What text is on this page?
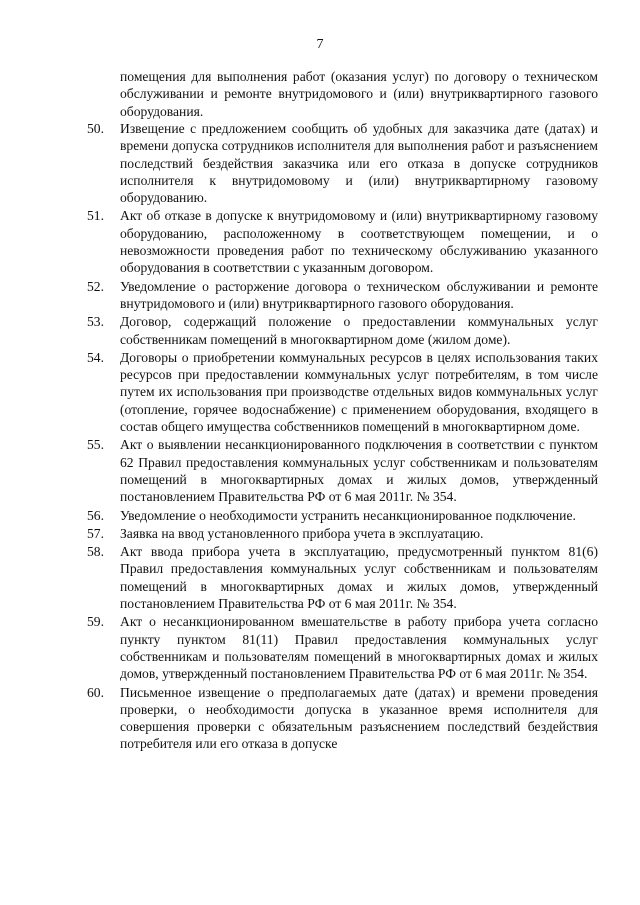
7
помещения для выполнения работ (оказания услуг) по договору о техническом обслуживании и ремонте внутридомового и (или) внутриквартирного газового оборудования.
50.	Извещение с предложением сообщить об удобных для заказчика дате (датах) и времени допуска сотрудников исполнителя для выполнения работ и разъяснением последствий бездействия заказчика или его отказа в допуске сотрудников исполнителя к внутридомовому и (или) внутриквартирному газовому оборудованию.
51.	Акт об отказе в допуске к внутридомовому и (или) внутриквартирному газовому оборудованию, расположенному в соответствующем помещении, и о невозможности проведения работ по техническому обслуживанию указанного оборудования в соответствии с указанным договором.
52.	Уведомление о расторжение договора о техническом обслуживании и ремонте внутридомового и (или) внутриквартирного газового оборудования.
53.	Договор, содержащий положение о предоставлении коммунальных услуг собственникам помещений в многоквартирном доме (жилом доме).
54.	Договоры о приобретении коммунальных ресурсов в целях использования таких ресурсов при предоставлении коммунальных услуг потребителям, в том числе путем их использования при производстве отдельных видов коммунальных услуг (отопление, горячее водоснабжение) с применением оборудования, входящего в состав общего имущества собственников помещений в многоквартирном доме.
55.	Акт о выявлении несанкционированного подключения в соответствии с пунктом 62 Правил предоставления коммунальных услуг собственникам и пользователям помещений в многоквартирных домах и жилых домов, утвержденный постановлением Правительства РФ от 6 мая 2011г. № 354.
56.	Уведомление о необходимости устранить несанкционированное подключение.
57.	Заявка на ввод установленного прибора учета в эксплуатацию.
58.	Акт ввода прибора учета в эксплуатацию, предусмотренный пунктом 81(6) Правил предоставления коммунальных услуг собственникам и пользователям помещений в многоквартирных домах и жилых домов, утвержденный постановлением Правительства РФ от 6 мая 2011г. № 354.
59.	Акт о несанкционированном вмешательстве в работу прибора учета согласно пункту пунктом 81(11) Правил предоставления коммунальных услуг собственникам и пользователям помещений в многоквартирных домах и жилых домов, утвержденный постановлением Правительства РФ от 6 мая 2011г. № 354.
60.	Письменное извещение о предполагаемых дате (датах) и времени проведения проверки, о необходимости допуска в указанное время исполнителя для совершения проверки с обязательным разъяснением последствий бездействия потребителя или его отказа в допуске
